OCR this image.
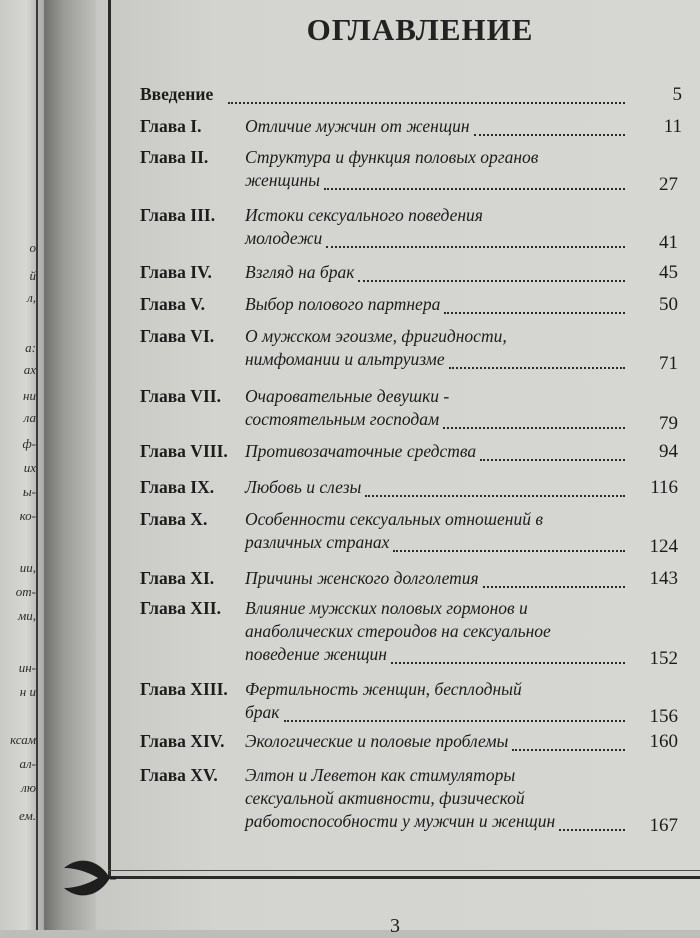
о
й
л,
а:
ах
ни
ла
ф-
их
ы-
ко-
ии,
от-
ми,
ин-
н и
ксам
ал-
лю
ем.
ОГЛАВЛЕНИЕ
Введение	5
Глава I. Отличие мужчин от женщин	11
Глава II. Структура и функция половых органов
женщины	27
Глава III. Истоки сексуального поведения
молодежи	41
Глава IV. Взгляд на брак	45
Глава V. Выбор полового партнера	50
Глава VI. О мужском эгоизме, фригидности,
нимфомании и альтруизме	71
Глава VII. Очаровательные девушки -
состоятельным господам	79
Глава VIII. Противозачаточные средства	94
Глава IX. Любовь и слезы	116
Глава X. Особенности сексуальных отношений в
различных странах	124
Глава XI. Причины женского долголетия	143
Глава XII. Влияние мужских половых гормонов и
анаболических стероидов на сексуальное
поведение женщин	152
Глава XIII. Фертильность женщин, бесплодный
брак	156
Глава XIV. Экологические и половые проблемы	160
Глава XV. Элтон и Леветон как стимуляторы
сексуальной активности, физической
работоспособности у мужчин и женщин	167
3
